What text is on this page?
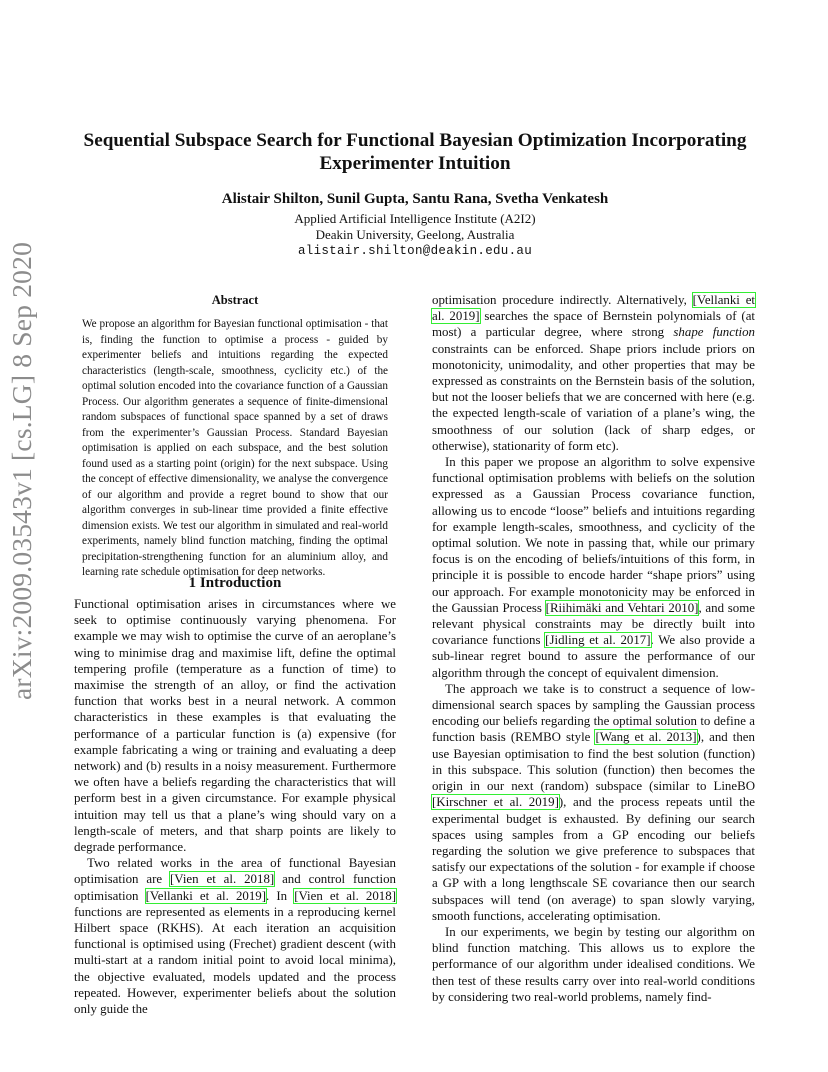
arXiv:2009.03543v1 [cs.LG] 8 Sep 2020
Sequential Subspace Search for Functional Bayesian Optimization Incorporating Experimenter Intuition
Alistair Shilton, Sunil Gupta, Santu Rana, Svetha Venkatesh
Applied Artificial Intelligence Institute (A2I2)
Deakin University, Geelong, Australia
alistair.shilton@deakin.edu.au
Abstract

We propose an algorithm for Bayesian functional optimisation - that is, finding the function to optimise a process - guided by experimenter beliefs and intuitions regarding the expected characteristics (length-scale, smoothness, cyclicity etc.) of the optimal solution encoded into the covariance function of a Gaussian Process. Our algorithm generates a sequence of finite-dimensional random subspaces of functional space spanned by a set of draws from the experimenter’s Gaussian Process. Standard Bayesian optimisation is applied on each subspace, and the best solution found used as a starting point (origin) for the next subspace. Using the concept of effective dimensionality, we analyse the convergence of our algorithm and provide a regret bound to show that our algorithm converges in sub-linear time provided a finite effective dimension exists. We test our algorithm in simulated and real-world experiments, namely blind function matching, finding the optimal precipitation-strengthening function for an aluminium alloy, and learning rate schedule optimisation for deep networks.

1 Introduction

Functional optimisation arises in circumstances where we seek to optimise continuously varying phenomena. For example we may wish to optimise the curve of an aeroplane’s wing to minimise drag and maximise lift, define the optimal tempering profile (temperature as a function of time) to maximise the strength of an alloy, or find the activation function that works best in a neural network. A common characteristics in these examples is that evaluating the performance of a particular function is (a) expensive (for example fabricating a wing or training and evaluating a deep network) and (b) results in a noisy measurement. Furthermore we often have a beliefs regarding the characteristics that will perform best in a given circumstance. For example physical intuition may tell us that a plane’s wing should vary on a length-scale of meters, and that sharp points are likely to degrade performance.

Two related works in the area of functional Bayesian optimisation are [Vien et al. 2018] and control function optimisation [Vellanki et al. 2019]. In [Vien et al. 2018] functions are represented as elements in a reproducing kernel Hilbert space (RKHS). At each iteration an acquisition functional is optimised using (Frechet) gradient descent (with multi-start at a random initial point to avoid local minima), the objective evaluated, models updated and the process repeated. However, experimenter beliefs about the solution only guide the

optimisation procedure indirectly. Alternatively, [Vellanki et al. 2019] searches the space of Bernstein polynomials of (at most) a particular degree, where strong shape function constraints can be enforced. Shape priors include priors on monotonicity, unimodality, and other properties that may be expressed as constraints on the Bernstein basis of the solution, but not the looser beliefs that we are concerned with here (e.g. the expected length-scale of variation of a plane’s wing, the smoothness of our solution (lack of sharp edges, or otherwise), stationarity of form etc).

In this paper we propose an algorithm to solve expensive functional optimisation problems with beliefs on the solution expressed as a Gaussian Process covariance function, allowing us to encode “loose” beliefs and intuitions regarding for example length-scales, smoothness, and cyclicity of the optimal solution. We note in passing that, while our primary focus is on the encoding of beliefs/intuitions of this form, in principle it is possible to encode harder “shape priors” using our approach. For example monotonicity may be enforced in the Gaussian Process [Riihimäki and Vehtari 2010], and some relevant physical constraints may be directly built into covariance functions [Jidling et al. 2017]. We also provide a sub-linear regret bound to assure the performance of our algorithm through the concept of equivalent dimension.

The approach we take is to construct a sequence of low-dimensional search spaces by sampling the Gaussian process encoding our beliefs regarding the optimal solution to define a function basis (REMBO style [Wang et al. 2013]), and then use Bayesian optimisation to find the best solution (function) in this subspace. This solution (function) then becomes the origin in our next (random) subspace (similar to LineBO [Kirschner et al. 2019]), and the process repeats until the experimental budget is exhausted. By defining our search spaces using samples from a GP encoding our beliefs regarding the solution we give preference to subspaces that satisfy our expectations of the solution - for example if choose a GP with a long lengthscale SE covariance then our search subspaces will tend (on average) to span slowly varying, smooth functions, accelerating optimisation.

In our experiments, we begin by testing our algorithm on blind function matching. This allows us to explore the performance of our algorithm under idealised conditions. We then test of these results carry over into real-world conditions by considering two real-world problems, namely find-
